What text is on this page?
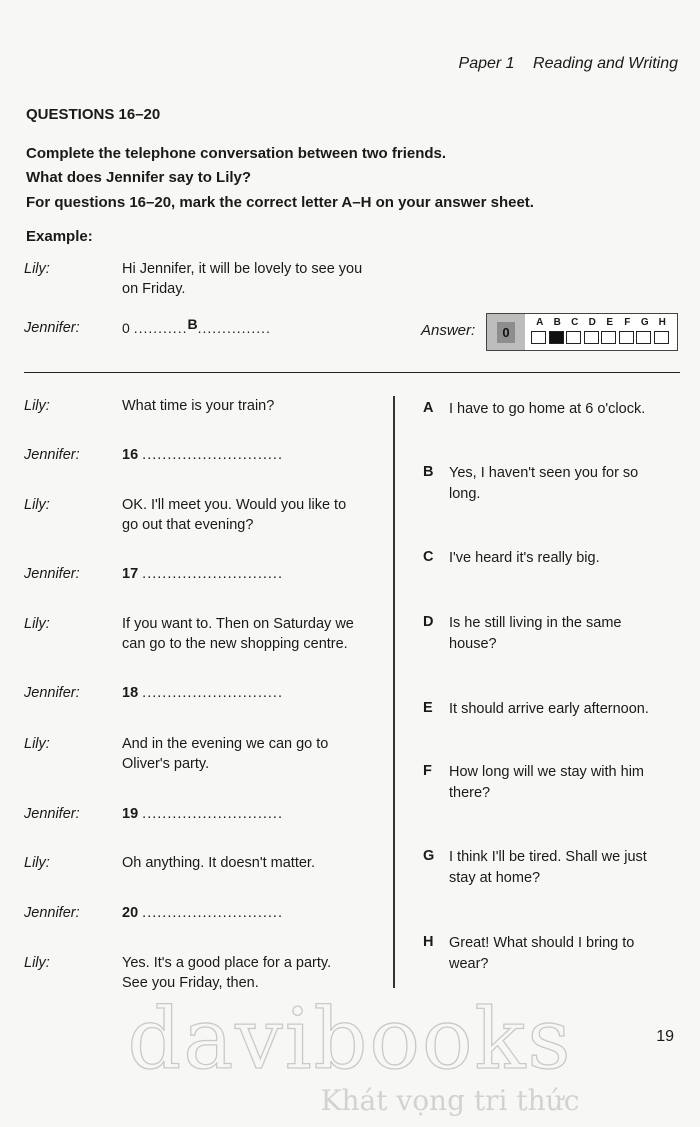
Paper 1 Reading and Writing
QUESTIONS 16–20
Complete the telephone conversation between two friends.
What does Jennifer say to Lily?
For questions 16–20, mark the correct letter A–H on your answer sheet.
Example:
Lily:	Hi Jennifer, it will be lovely to see you
on Friday.
Jennifer:	0 ...........B...............	Answer:	0
A	B	C	D	E	F	G H
Lily:	What time is your train?
Jennifer:	16 ............................
Lily:	OK. I'll meet you. Would you like to
go out that evening?
Jennifer:	17 ............................
Lily:	If you want to. Then on Saturday we
can go to the new shopping centre.
Jennifer:	18 ............................
Lily:	And in the evening we can go to
Oliver's party.
Jennifer:	19 ............................
Lily:	Oh anything. It doesn't matter.
Jennifer:	20 ............................
Lily:	Yes. It's a good place for a party.
See you Friday, then.
A I have to go home at 6 o'clock.
B Yes, I haven't seen you for so
long.
C I've heard it's really big.
D Is he still living in the same
house?
E It should arrive early afternoon.
F How long will we stay with him
there?
G I think I'll be tired. Shall we just
stay at home?
H Great! What should I bring to
wear?
19
davibooks
Khát vọng tri thức
